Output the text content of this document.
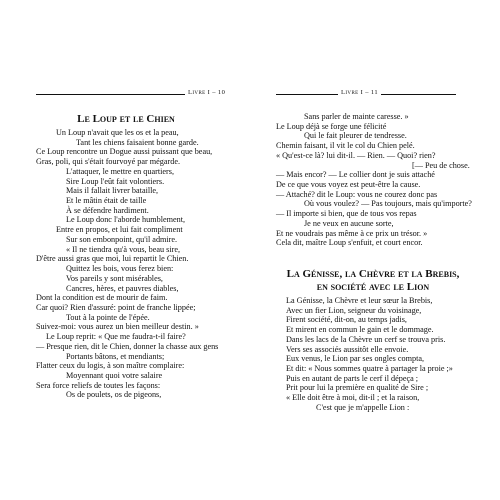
Livre I – 10
Le Loup et le Chien
Un Loup n'avait que les os et la peau,
Tant les chiens faisaient bonne garde.
Ce Loup rencontre un Dogue aussi puissant que beau,
Gras, poli, qui s'était fourvoyé par mégarde.
L'attaquer, le mettre en quartiers,
Sire Loup l'eût fait volontiers.
Mais il fallait livrer bataille,
Et le mâtin était de taille
À se défendre hardiment.
Le Loup donc l'aborde humblement,
Entre en propos, et lui fait compliment
Sur son embonpoint, qu'il admire.
« Il ne tiendra qu'à vous, beau sire,
D'être aussi gras que moi, lui repartit le Chien.
Quittez les bois, vous ferez bien:
Vos pareils y sont misérables,
Cancres, hères, et pauvres diables,
Dont la condition est de mourir de faim.
Car quoi? Rien d'assuré: point de franche lippée;
Tout à la pointe de l'épée.
Suivez-moi: vous aurez un bien meilleur destin. »
Le Loup reprit: « Que me faudra-t-il faire?
— Presque rien, dit le Chien, donner la chasse aux gens
Portants bâtons, et mendiants;
Flatter ceux du logis, à son maître complaire:
Moyennant quoi votre salaire
Sera force reliefs de toutes les façons:
Os de poulets, os de pigeons,
Livre I – 11
Sans parler de mainte caresse. »
Le Loup déjà se forge une félicité
Qui le fait pleurer de tendresse.
Chemin faisant, il vit le col du Chien pelé.
« Qu'est-ce là? lui dit-il. — Rien. — Quoi? rien?
[— Peu de chose.
— Mais encor? — Le collier dont je suis attaché
De ce que vous voyez est peut-être la cause.
— Attaché? dit le Loup: vous ne courez donc pas
Où vous voulez? — Pas toujours, mais qu'importe?
— Il importe si bien, que de tous vos repas
Je ne veux en aucune sorte,
Et ne voudrais pas même à ce prix un trésor. »
Cela dit, maître Loup s'enfuit, et court encor.
La Génisse, la Chèvre et la Brebis,
en société avec le Lion
La Génisse, la Chèvre et leur sœur la Brebis,
Avec un fier Lion, seigneur du voisinage,
Firent société, dit-on, au temps jadis,
Et mirent en commun le gain et le dommage.
Dans les lacs de la Chèvre un cerf se trouva pris.
Vers ses associés aussitôt elle envoie.
Eux venus, le Lion par ses ongles compta,
Et dit: « Nous sommes quatre à partager la proie ;»
Puis en autant de parts le cerf il dépeça ;
Prit pour lui la première en qualité de Sire ;
« Elle doit être à moi, dit-il ; et la raison,
C'est que je m'appelle Lion :
